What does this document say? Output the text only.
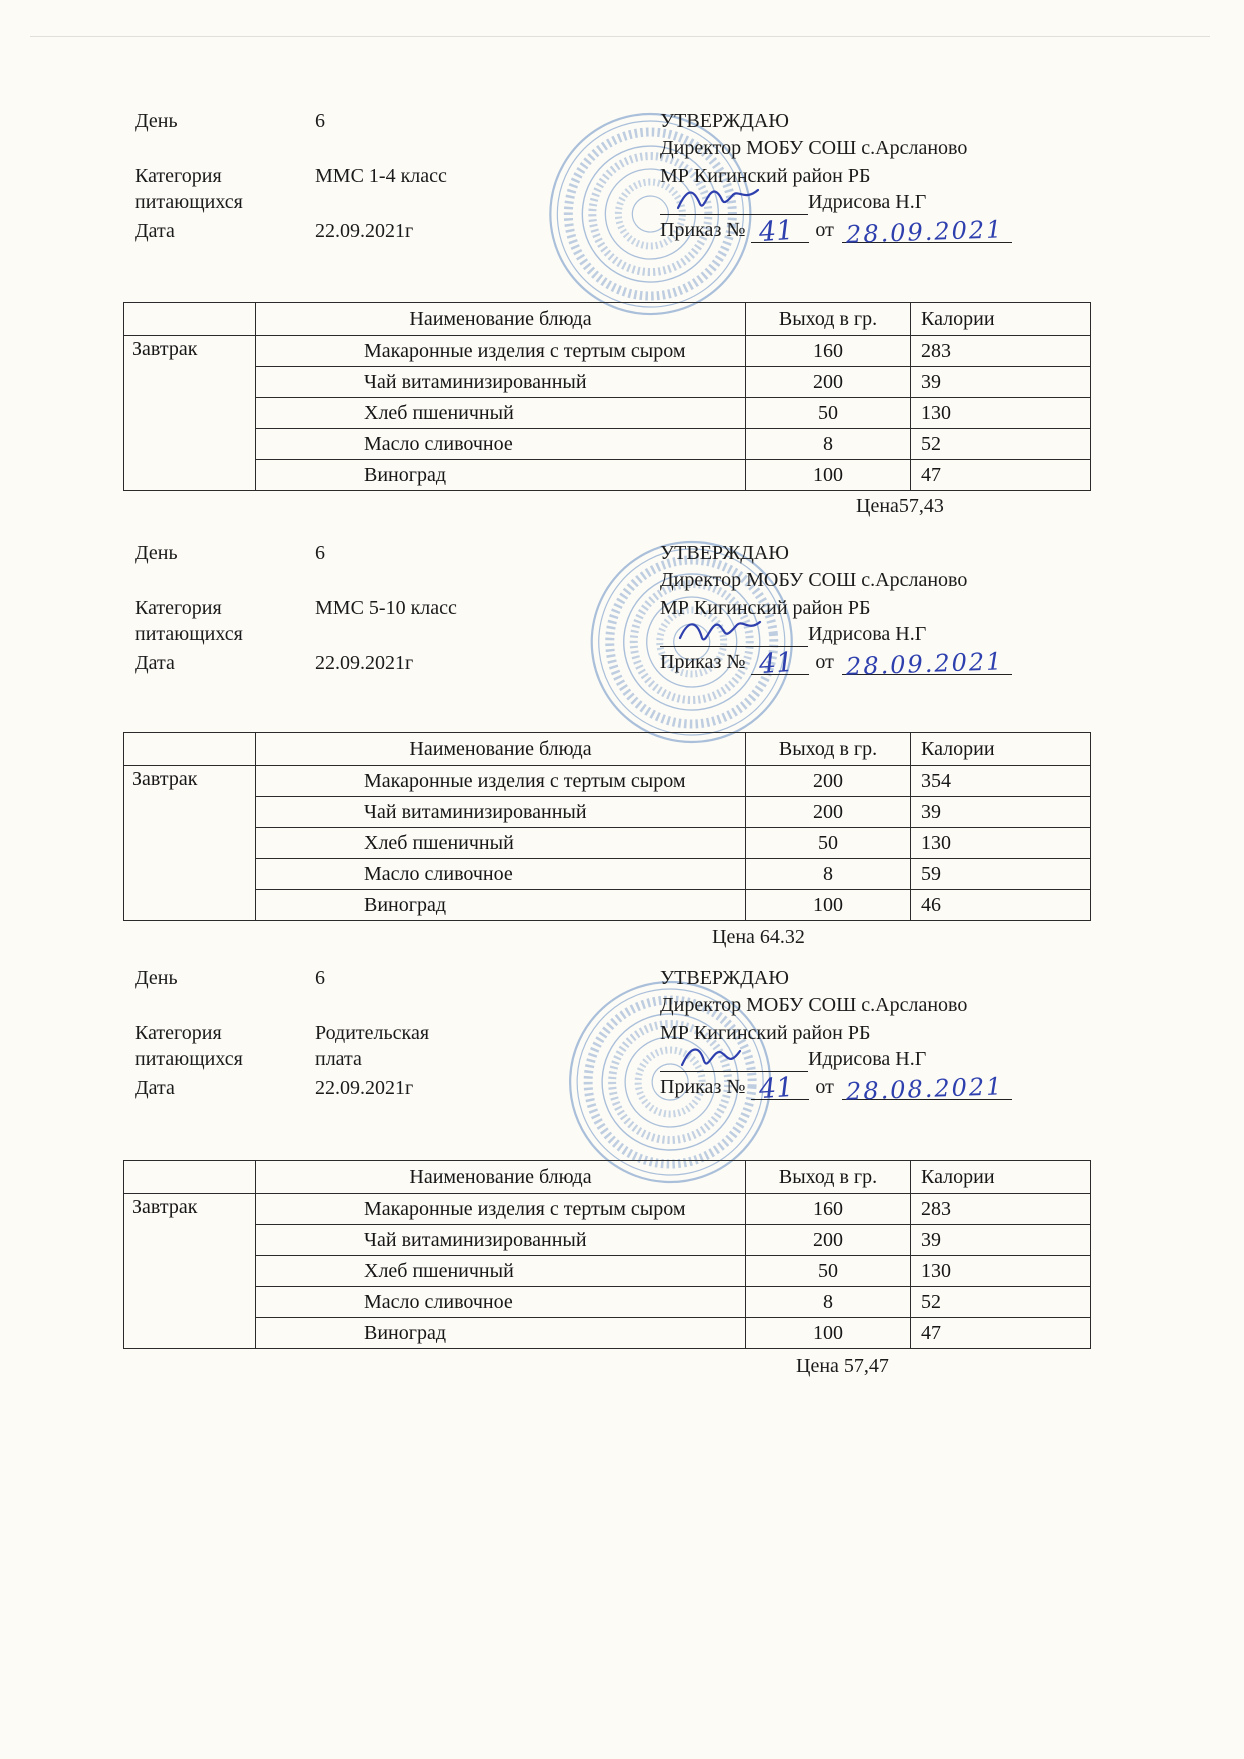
День	6
Категория питающихся
ММС 1-4 класс
Дата	22.09.2021г
УТВЕРЖДАЮ
Директор МОБУ СОШ с.Арсланово
МР Кигинский район РБ
Идрисова Н.Г
Приказ № 41 от 28.09.2021
	Наименование блюда	Выход в гр.	Калории
Завтрак	Макаронные изделия с тертым сыром	160	283
	Чай витаминизированный	200	39
	Хлеб пшеничный	50	130
	Масло сливочное	8	52
	Виноград	100	47
Цена57,43
День	6
Категория питающихся
ММС 5-10 класс
Дата	22.09.2021г
УТВЕРЖДАЮ
Директор МОБУ СОШ с.Арсланово
МР Кигинский район РБ
Идрисова Н.Г
Приказ № 41 от 28.09.2021
	Наименование блюда	Выход в гр.	Калории
Завтрак	Макаронные изделия с тертым сыром	200	354
	Чай витаминизированный	200	39
	Хлеб пшеничный	50	130
	Масло сливочное	8	59
	Виноград	100	46
Цена 64.32
День	6
Категория питающихся
Родительская плата
Дата	22.09.2021г
УТВЕРЖДАЮ
Директор МОБУ СОШ с.Арсланово
МР Кигинский район РБ
Идрисова Н.Г
Приказ № 41 от 28.08.2021
	Наименование блюда	Выход в гр.	Калории
Завтрак	Макаронные изделия с тертым сыром	160	283
	Чай витаминизированный	200	39
	Хлеб пшеничный	50	130
	Масло сливочное	8	52
	Виноград	100	47
Цена 57,47
